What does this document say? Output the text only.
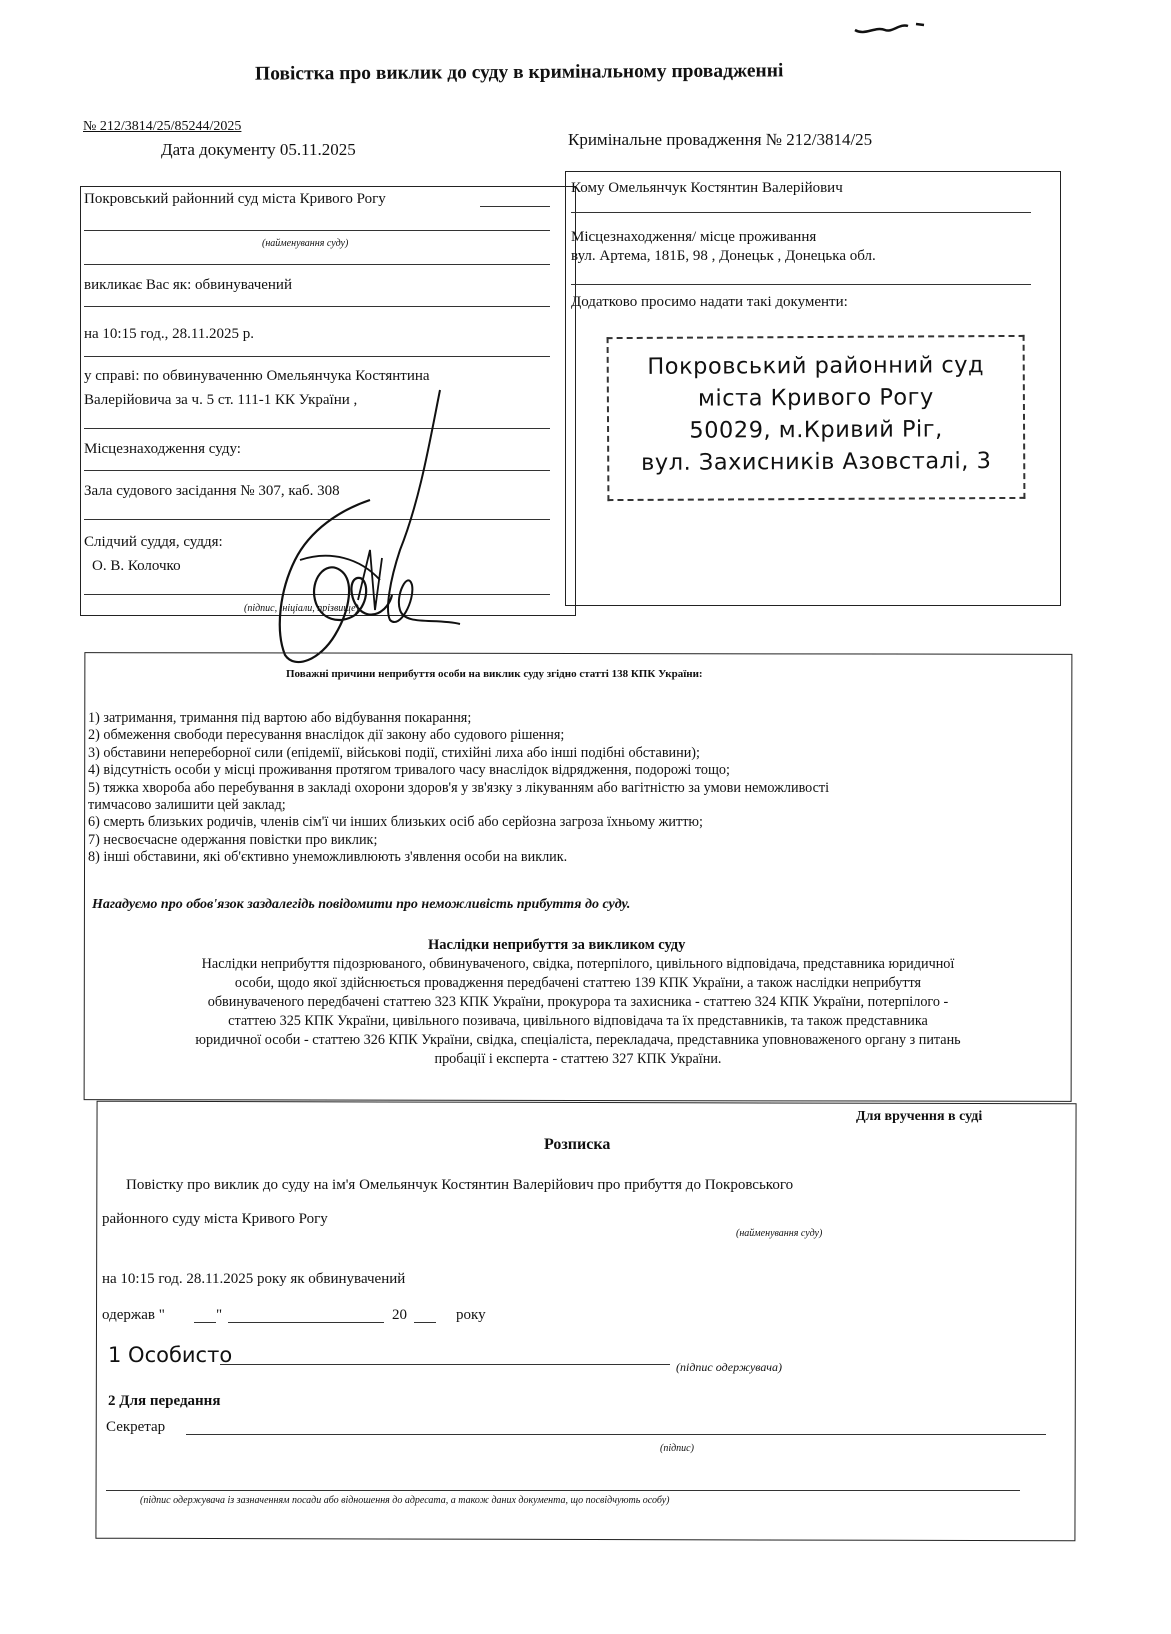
Повістка про виклик до суду в кримінальному провадженні
№ 212/3814/25/85244/2025
Дата документу 05.11.2025
Кримінальне провадження № 212/3814/25
Покровський районний суд міста Кривого Рогу
(найменування суду)
викликає Вас як: обвинувачений
на 10:15 год., 28.11.2025 р.
у справі: по обвинуваченню Омельянчука Костянтина
Валерійовича за ч. 5 ст. 111-1 КК України ,
Місцезнаходження суду:
Зала судового засідання № 307, каб. 308
Слідчий суддя, суддя:
О. В. Колочко
(підпис, ініціали, прізвище)
Кому Омельянчук Костянтин Валерійович
Місцезнаходження/ місце проживання
вул. Артема, 181Б, 98 , Донецьк , Донецька обл.
Додатково просимо надати такі документи:
Покровський районний суд
міста Кривого Рогу
50029, м.Кривий Ріг,
вул. Захисників Азовсталі, 3
Поважні причини неприбуття особи на виклик суду згідно статті 138 КПК України:
1) затримання, тримання під вартою або відбування покарання;
2) обмеження свободи пересування внаслідок дії закону або судового рішення;
3) обставини непереборної сили (епідемії, військові події, стихійні лиха або інші подібні обставини);
4) відсутність особи у місці проживання протягом тривалого часу внаслідок відрядження, подорожі тощо;
5) тяжка хвороба або перебування в закладі охорони здоров'я у зв'язку з лікуванням або вагітністю за умови неможливості
тимчасово залишити цей заклад;
6) смерть близьких родичів, членів сім'ї чи інших близьких осіб або серйозна загроза їхньому життю;
7) несвоєчасне одержання повістки про виклик;
8) інші обставини, які об'єктивно унеможливлюють з'явлення особи на виклик.
Нагадуємо про обов'язок заздалегідь повідомити про неможливість прибуття до суду.
Наслідки неприбуття за викликом суду
Наслідки неприбуття підозрюваного, обвинуваченого, свідка, потерпілого, цивільного відповідача, представника юридичної
особи, щодо якої здійснюється провадження передбачені статтею 139 КПК України, а також наслідки неприбуття
обвинуваченого передбачені статтею 323 КПК України, прокурора та захисника - статтею 324 КПК України, потерпілого -
статтею 325 КПК України, цивільного позивача, цивільного відповідача та їх представників, та також представника
юридичної особи - статтею 326 КПК України, свідка, спеціаліста, перекладача, представника уповноваженого органу з питань
пробації і експерта - статтею 327 КПК України.
Для вручення в суді
Розписка
Повістку про виклик до суду на ім'я Омельянчук Костянтин Валерійович про прибуття до Покровського
районного суду міста Кривого Рогу
(найменування суду)
на 10:15 год. 28.11.2025 року як обвинувачений
одержав "	"	20	року
1 Особисто	(підпис одержувача)
2 Для передання
Секретар
(підпис)
(підпис одержувача із зазначенням посади або відношення до адресата, а також даних документа, що посвідчують особу)
